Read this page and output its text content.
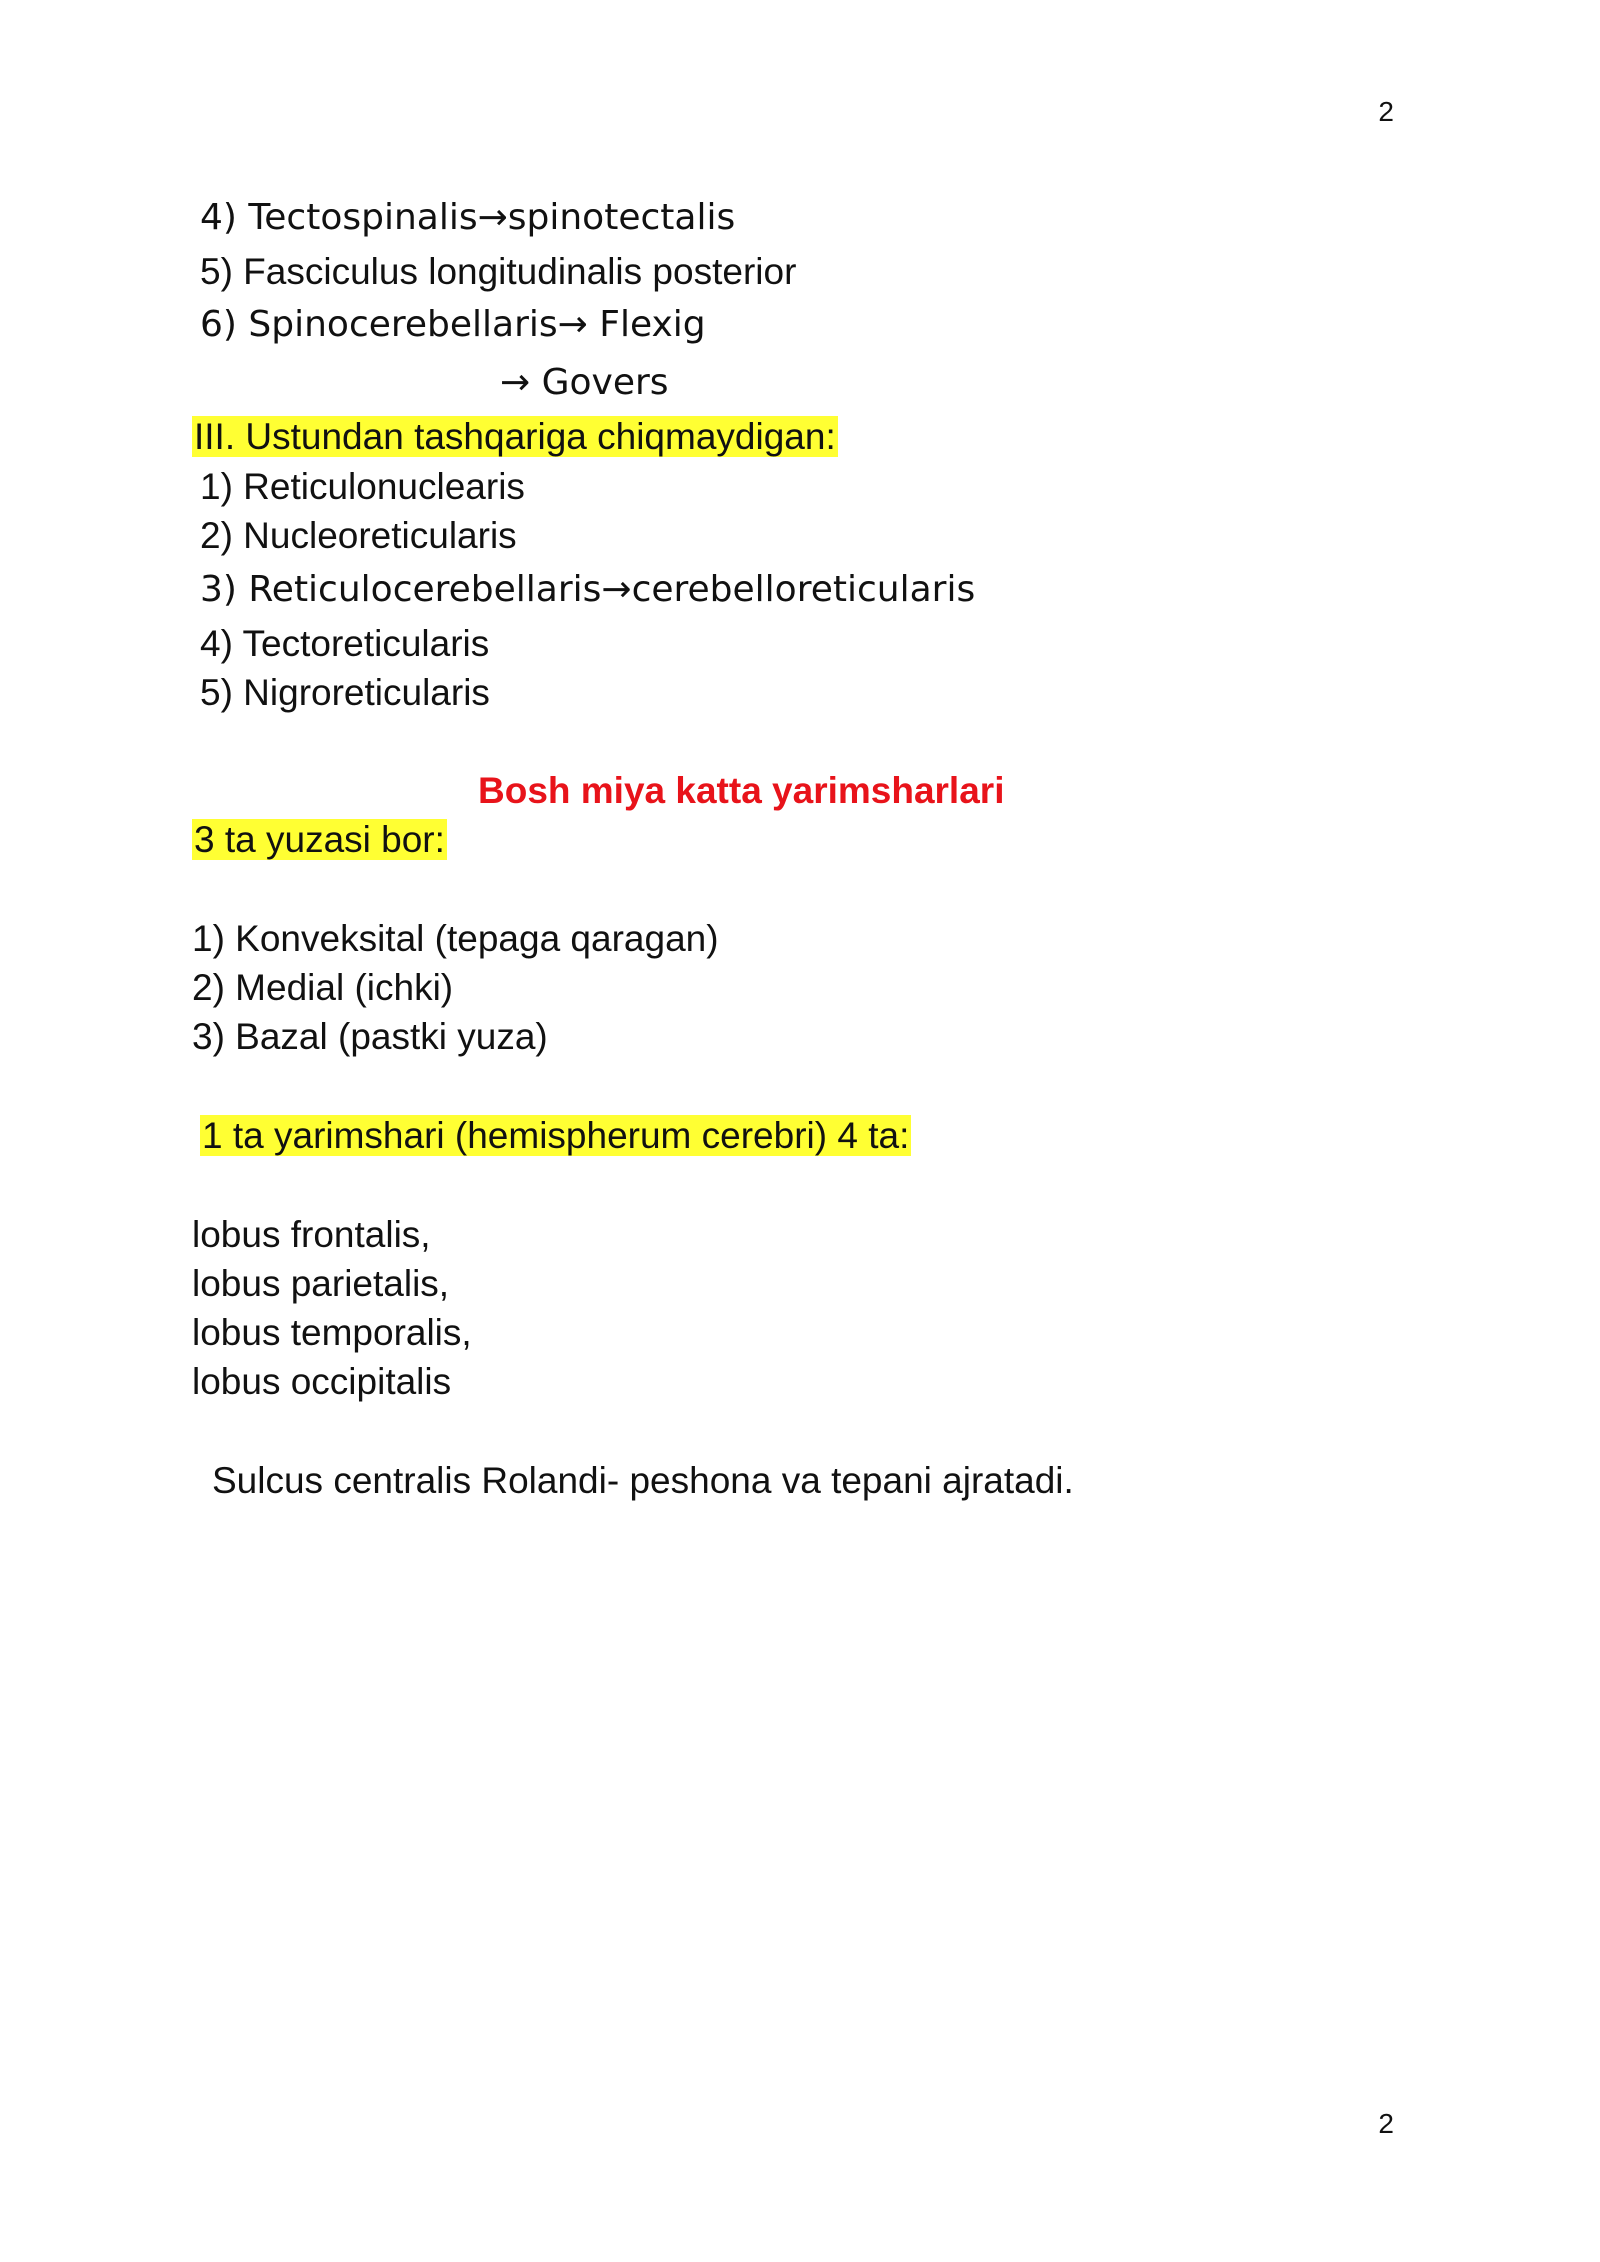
2
4) Tectospinalis→spinotectalis
5) Fasciculus longitudinalis posterior
6) Spinocerebellaris→ Flexig
→ Govers
III. Ustundan tashqariga chiqmaydigan:
1) Reticulonuclearis
2) Nucleoreticularis
3) Reticulocerebellaris→cerebelloreticularis
4) Tectoreticularis
5) Nigroreticularis
Bosh miya katta yarimsharlari
3 ta yuzasi bor:
1) Konveksital (tepaga qaragan)
2) Medial (ichki)
3) Bazal (pastki yuza)
1 ta yarimshari (hemispherum cerebri) 4 ta:
lobus frontalis,
lobus parietalis,
lobus temporalis,
lobus occipitalis
Sulcus centralis Rolandi- peshona va tepani ajratadi.
2
